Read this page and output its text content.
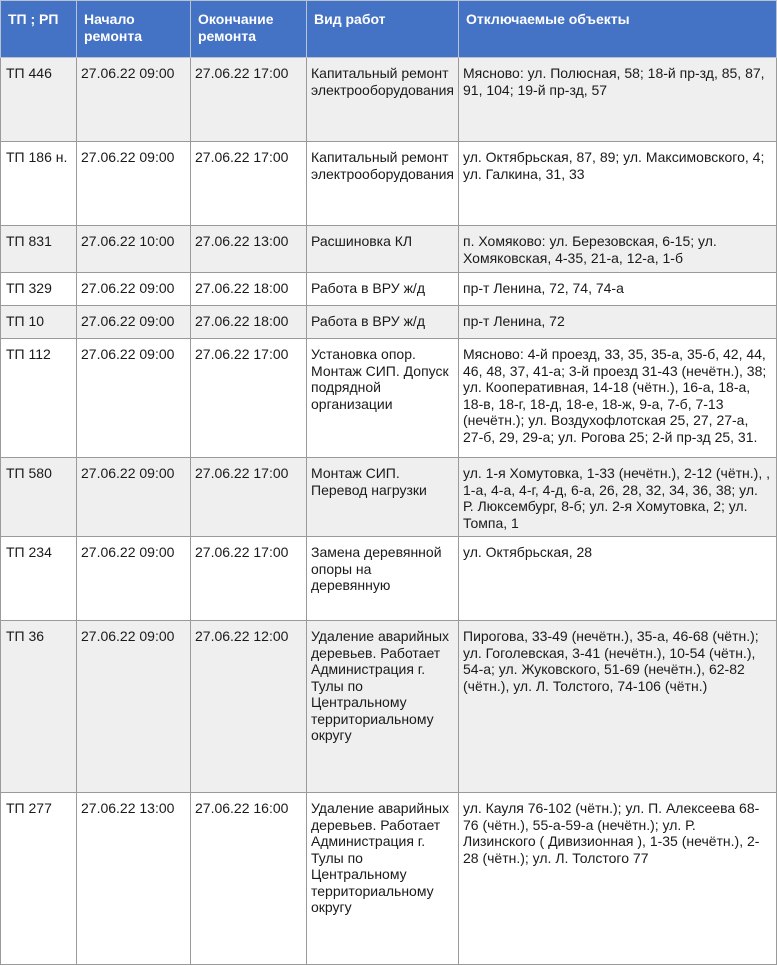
ТП ; РП	Начало ремонта	Окончание ремонта	Вид работ	Отключаемые объекты
ТП 446	27.06.22 09:00	27.06.22 17:00	Капитальный ремонт электрооборудования	Мясново: ул. Полюсная, 58; 18-й пр-зд, 85, 87, 91, 104; 19-й пр-зд, 57
ТП 186 н.	27.06.22 09:00	27.06.22 17:00	Капитальный ремонт электрооборудования	ул. Октябрьская, 87, 89; ул. Максимовского, 4; ул. Галкина, 31, 33
ТП 831	27.06.22 10:00	27.06.22 13:00	Расшиновка КЛ	п. Хомяково: ул. Березовская, 6-15; ул. Хомяковская, 4-35, 21-а, 12-а, 1-б
ТП 329	27.06.22 09:00	27.06.22 18:00	Работа в ВРУ ж/д	пр-т Ленина, 72, 74, 74-а
ТП 10	27.06.22 09:00	27.06.22 18:00	Работа в ВРУ ж/д	пр-т Ленина, 72
ТП 112	27.06.22 09:00	27.06.22 17:00	Установка опор. Монтаж СИП. Допуск подрядной организации	Мясново: 4-й проезд, 33, 35, 35-а, 35-б, 42, 44, 46, 48, 37, 41-а; 3-й проезд 31-43 (нечётн.), 38; ул. Кооперативная, 14-18 (чётн.), 16-а, 18-а, 18-в, 18-г, 18-д, 18-е, 18-ж, 9-а, 7-б, 7-13 (нечётн.); ул. Воздухофлотская 25, 27, 27-а, 27-б, 29, 29-а; ул. Рогова 25; 2-й пр-зд 25, 31.
ТП 580	27.06.22 09:00	27.06.22 17:00	Монтаж СИП. Перевод нагрузки	ул. 1-я Хомутовка, 1-33 (нечётн.), 2-12 (чётн.), , 1-а, 4-а, 4-г, 4-д, 6-а, 26, 28, 32, 34, 36, 38; ул. Р. Люксембург, 8-б; ул. 2-я Хомутовка, 2; ул. Томпа, 1
ТП 234	27.06.22 09:00	27.06.22 17:00	Замена деревянной опоры на деревянную	ул. Октябрьская, 28
ТП 36	27.06.22 09:00	27.06.22 12:00	Удаление аварийных деревьев. Работает Администрация г. Тулы по Центральному территориальному округу	Пирогова, 33-49 (нечётн.), 35-а, 46-68 (чётн.); ул. Гоголевская, 3-41 (нечётн.), 10-54 (чётн.), 54-а; ул. Жуковского, 51-69 (нечётн.), 62-82 (чётн.), ул. Л. Толстого, 74-106 (чётн.)
ТП 277	27.06.22 13:00	27.06.22 16:00	Удаление аварийных деревьев. Работает Администрация г. Тулы по Центральному территориальному округу	ул. Кауля 76-102 (чётн.); ул. П. Алексеева 68-76 (чётн.), 55-а-59-а (нечётн.); ул. Р. Лизинского ( Дивизионная ), 1-35 (нечётн.), 2-28 (чётн.); ул. Л. Толстого 77
